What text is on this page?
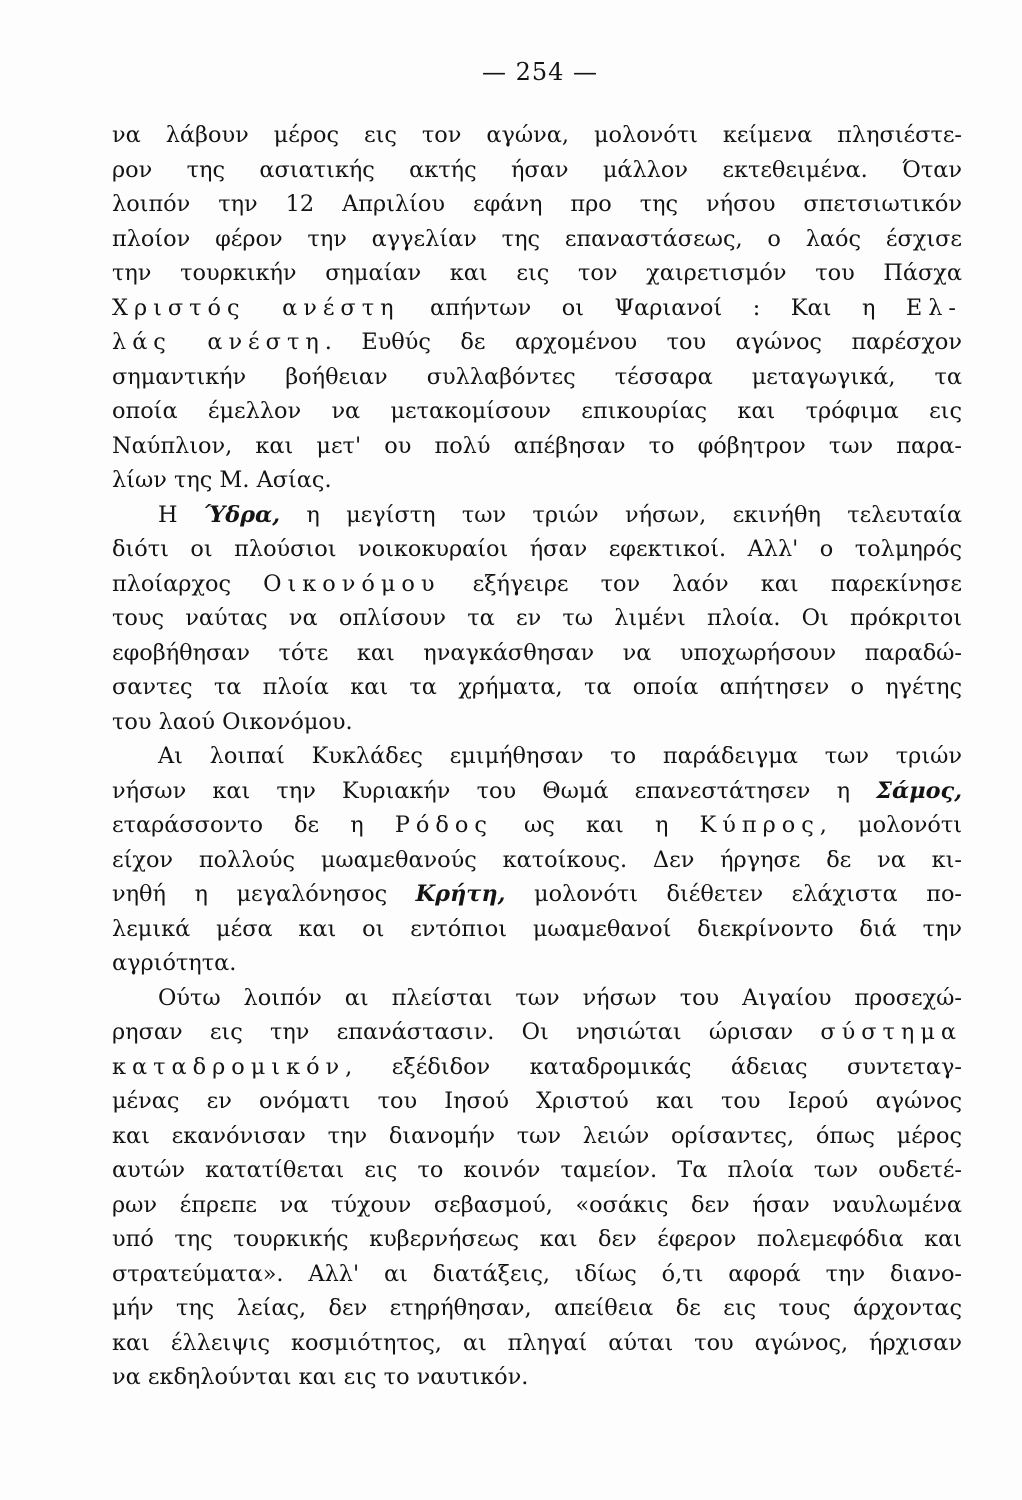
— 254 —
να λάβουν μέρος εις τον αγώνα, μολονότι κείμενα πλησιέστε-
ρον της ασιατικής ακτής ήσαν μάλλον εκτεθειμένα. Όταν
λοιπόν την 12 Απριλίου εφάνη προ της νήσου σπετσιωτικόν
πλοίον φέρον την αγγελίαν της επαναστάσεως, ο λαός έσχισε
την τουρκικήν σημαίαν και εις τον χαιρετισμόν του Πάσχα
Χριστός ανέστη απήντων οι Ψαριανοί : Και η Ελ-
λάς ανέστη. Ευθύς δε αρχομένου του αγώνος παρέσχον
σημαντικήν βοήθειαν συλλαβόντες τέσσαρα μεταγωγικά, τα
οποία έμελλον να μετακομίσουν επικουρίας και τρόφιμα εις
Ναύπλιον, και μετ' ου πολύ απέβησαν το φόβητρον των παρα-
λίων της Μ. Ασίας.
Η Ύδρα, η μεγίστη των τριών νήσων, εκινήθη τελευταία
διότι οι πλούσιοι νοικοκυραίοι ήσαν εφεκτικοί. Αλλ' ο τολμηρός
πλοίαρχος Οικονόμου εξήγειρε τον λαόν και παρεκίνησε
τους ναύτας να οπλίσουν τα εν τω λιμένι πλοία. Οι πρόκριτοι
εφοβήθησαν τότε και ηναγκάσθησαν να υποχωρήσουν παραδώ-
σαντες τα πλοία και τα χρήματα, τα οποία απήτησεν ο ηγέτης
του λαού Οικονόμου.
Αι λοιπαί Κυκλάδες εμιμήθησαν το παράδειγμα των τριών
νήσων και την Κυριακήν του Θωμά επανεστάτησεν η Σάμος,
εταράσσοντο δε η Ρόδος ως και η Κύπρος, μολονότι
είχον πολλούς μωαμεθανούς κατοίκους. Δεν ήργησε δε να κι-
νηθή η μεγαλόνησος Κρήτη, μολονότι διέθετεν ελάχιστα πο-
λεμικά μέσα και οι εντόπιοι μωαμεθανοί διεκρίνοντο διά την
αγριότητα.
Ούτω λοιπόν αι πλείσται των νήσων του Αιγαίου προσεχώ-
ρησαν εις την επανάστασιν. Οι νησιώται ώρισαν σύστημα
καταδρομικόν, εξέδιδον καταδρομικάς άδειας συντεταγ-
μένας εν ονόματι του Ιησού Χριστού και του Ιερού αγώνος
και εκανόνισαν την διανομήν των λειών ορίσαντες, όπως μέρος
αυτών κατατίθεται εις το κοινόν ταμείον. Τα πλοία των ουδετέ-
ρων έπρεπε να τύχουν σεβασμού, «οσάκις δεν ήσαν ναυλωμένα
υπό της τουρκικής κυβερνήσεως και δεν έφερον πολεμεφόδια και
στρατεύματα». Αλλ' αι διατάξεις, ιδίως ό,τι αφορά την διανο-
μήν της λείας, δεν ετηρήθησαν, απείθεια δε εις τους άρχοντας
και έλλειψις κοσμιότητος, αι πληγαί αύται του αγώνος, ήρχισαν
να εκδηλούνται και εις το ναυτικόν.
